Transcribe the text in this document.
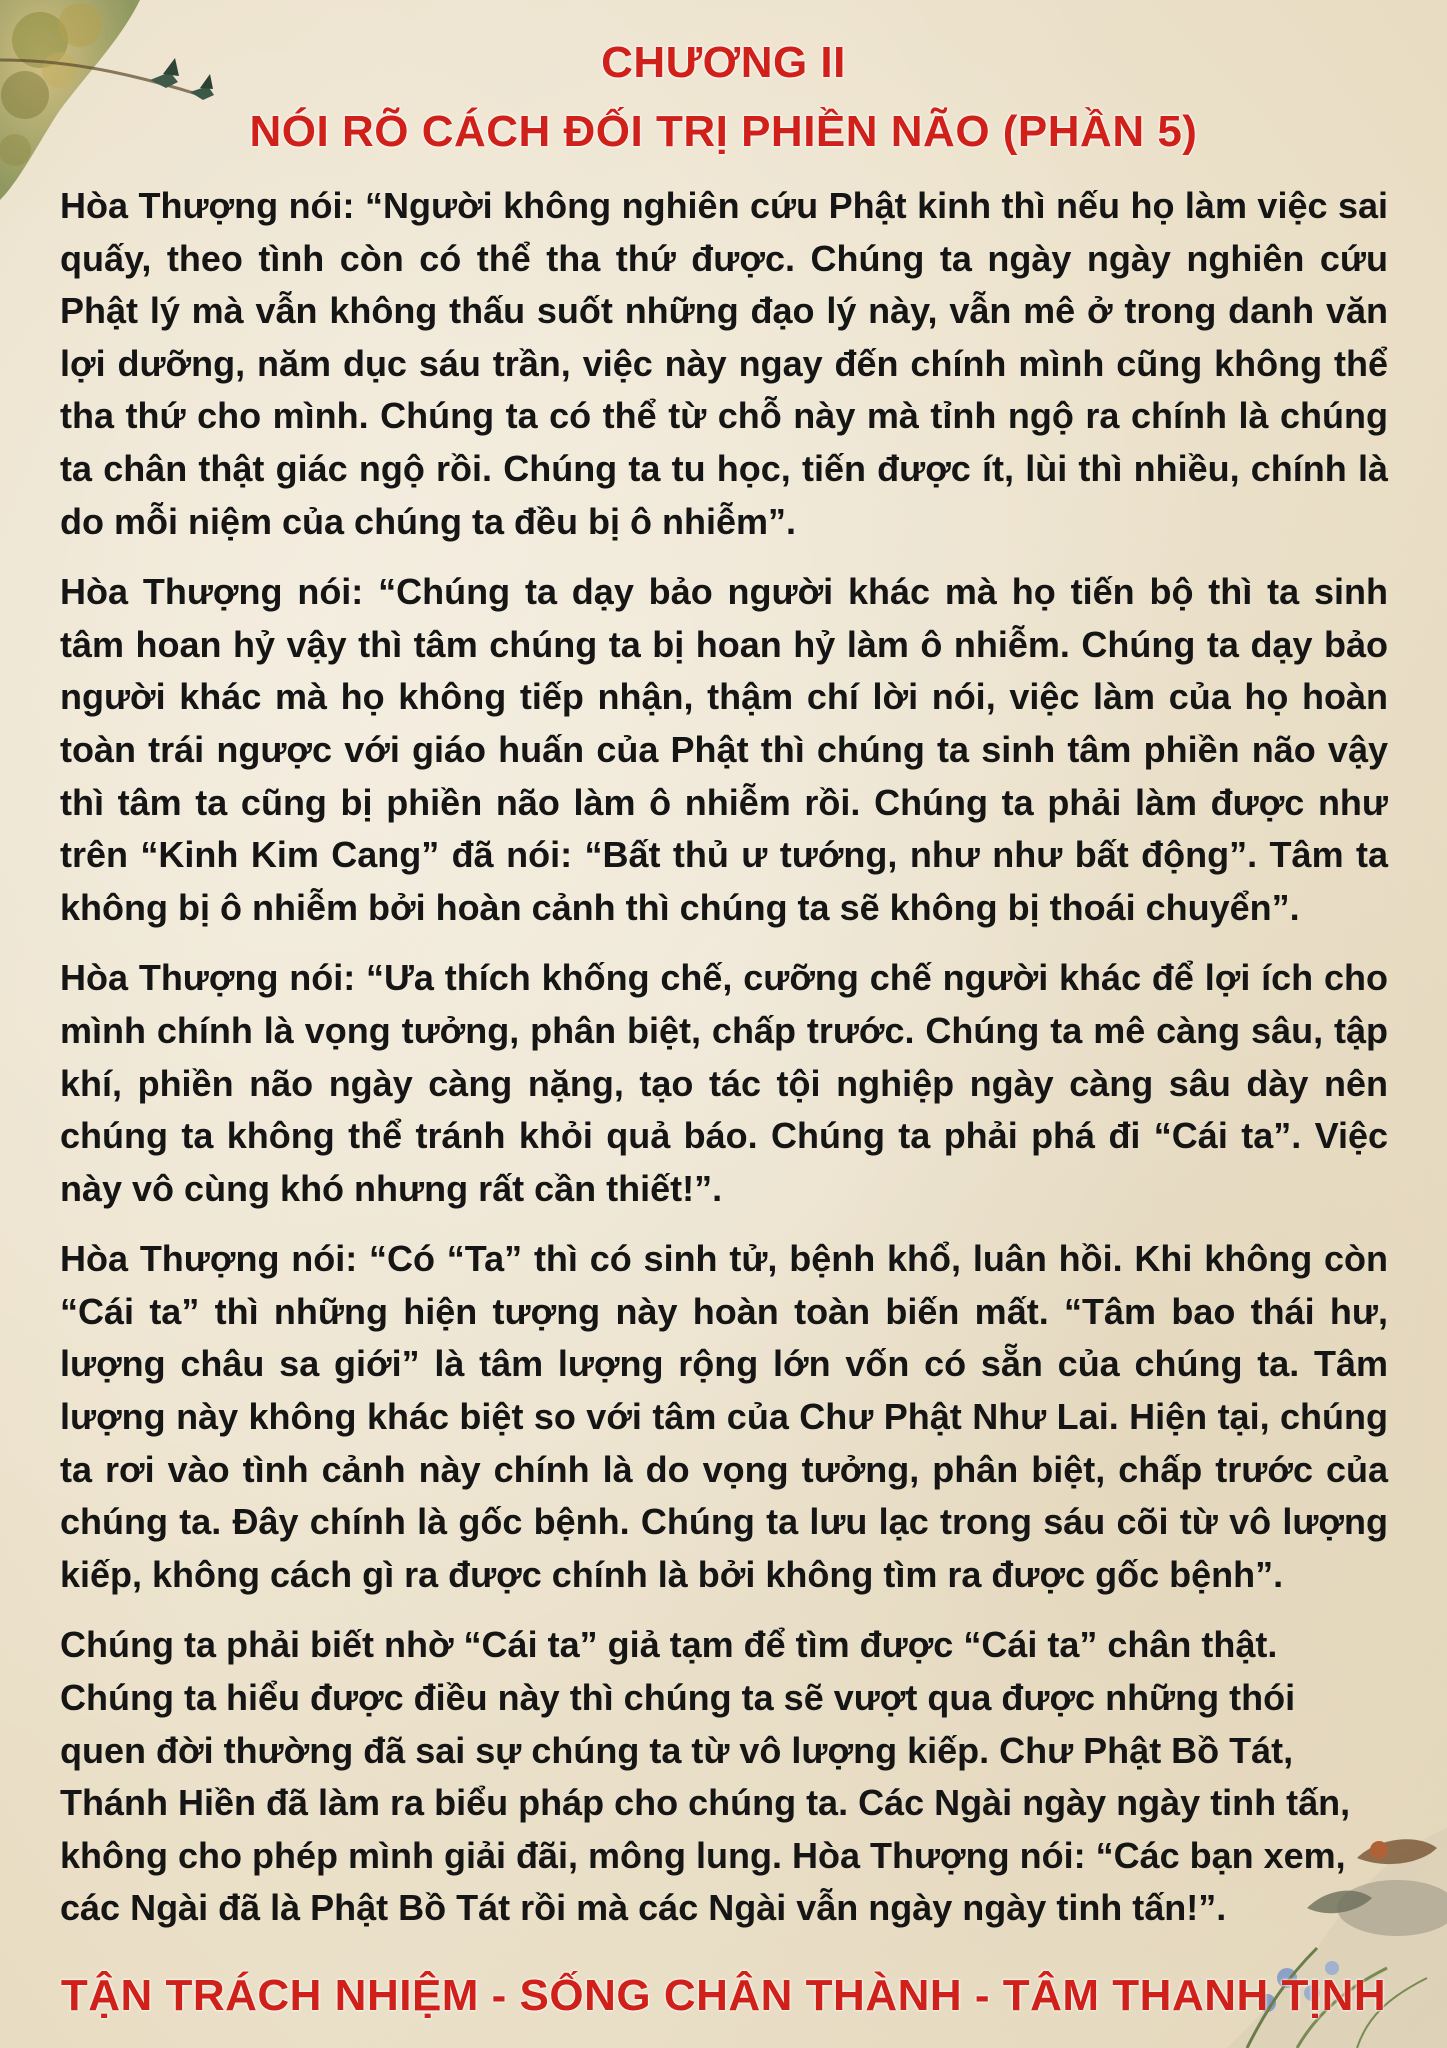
CHƯƠNG II
NÓI RÕ CÁCH ĐỐI TRỊ PHIỀN NÃO (PHẦN 5)

Hòa Thượng nói: “Người không nghiên cứu Phật kinh thì nếu họ làm việc sai quấy, theo tình còn có thể tha thứ được. Chúng ta ngày ngày nghiên cứu Phật lý mà vẫn không thấu suốt những đạo lý này, vẫn mê ở trong danh văn lợi dưỡng, năm dục sáu trần, việc này ngay đến chính mình cũng không thể tha thứ cho mình. Chúng ta có thể từ chỗ này mà tỉnh ngộ ra chính là chúng ta chân thật giác ngộ rồi. Chúng ta tu học, tiến được ít, lùi thì nhiều, chính là do mỗi niệm của chúng ta đều bị ô nhiễm”.

Hòa Thượng nói: “Chúng ta dạy bảo người khác mà họ tiến bộ thì ta sinh tâm hoan hỷ vậy thì tâm chúng ta bị hoan hỷ làm ô nhiễm. Chúng ta dạy bảo người khác mà họ không tiếp nhận, thậm chí lời nói, việc làm của họ hoàn toàn trái ngược với giáo huấn của Phật thì chúng ta sinh tâm phiền não vậy thì tâm ta cũng bị phiền não làm ô nhiễm rồi. Chúng ta phải làm được như trên “Kinh Kim Cang” đã nói: “Bất thủ ư tướng, như như bất động”. Tâm ta không bị ô nhiễm bởi hoàn cảnh thì chúng ta sẽ không bị thoái chuyển”.

Hòa Thượng nói: “Ưa thích khống chế, cưỡng chế người khác để lợi ích cho mình chính là vọng tưởng, phân biệt, chấp trước. Chúng ta mê càng sâu, tập khí, phiền não ngày càng nặng, tạo tác tội nghiệp ngày càng sâu dày nên chúng ta không thể tránh khỏi quả báo. Chúng ta phải phá đi “Cái ta”. Việc này vô cùng khó nhưng rất cần thiết!”.

Hòa Thượng nói: “Có “Ta” thì có sinh tử, bệnh khổ, luân hồi. Khi không còn “Cái ta” thì những hiện tượng này hoàn toàn biến mất. “Tâm bao thái hư, lượng châu sa giới” là tâm lượng rộng lớn vốn có sẵn của chúng ta. Tâm lượng này không khác biệt so với tâm của Chư Phật Như Lai. Hiện tại, chúng ta rơi vào tình cảnh này chính là do vọng tưởng, phân biệt, chấp trước của chúng ta. Đây chính là gốc bệnh. Chúng ta lưu lạc trong sáu cõi từ vô lượng kiếp, không cách gì ra được chính là bởi không tìm ra được gốc bệnh”.

Chúng ta phải biết nhờ “Cái ta” giả tạm để tìm được “Cái ta” chân thật. Chúng ta hiểu được điều này thì chúng ta sẽ vượt qua được những thói quen đời thường đã sai sự chúng ta từ vô lượng kiếp. Chư Phật Bồ Tát, Thánh Hiền đã làm ra biểu pháp cho chúng ta. Các Ngài ngày ngày tinh tấn, không cho phép mình giải đãi, mông lung. Hòa Thượng nói: “Các bạn xem, các Ngài đã là Phật Bồ Tát rồi mà các Ngài vẫn ngày ngày tinh tấn!”.

TẬN TRÁCH NHIỆM - SỐNG CHÂN THÀNH - TÂM THANH TỊNH
